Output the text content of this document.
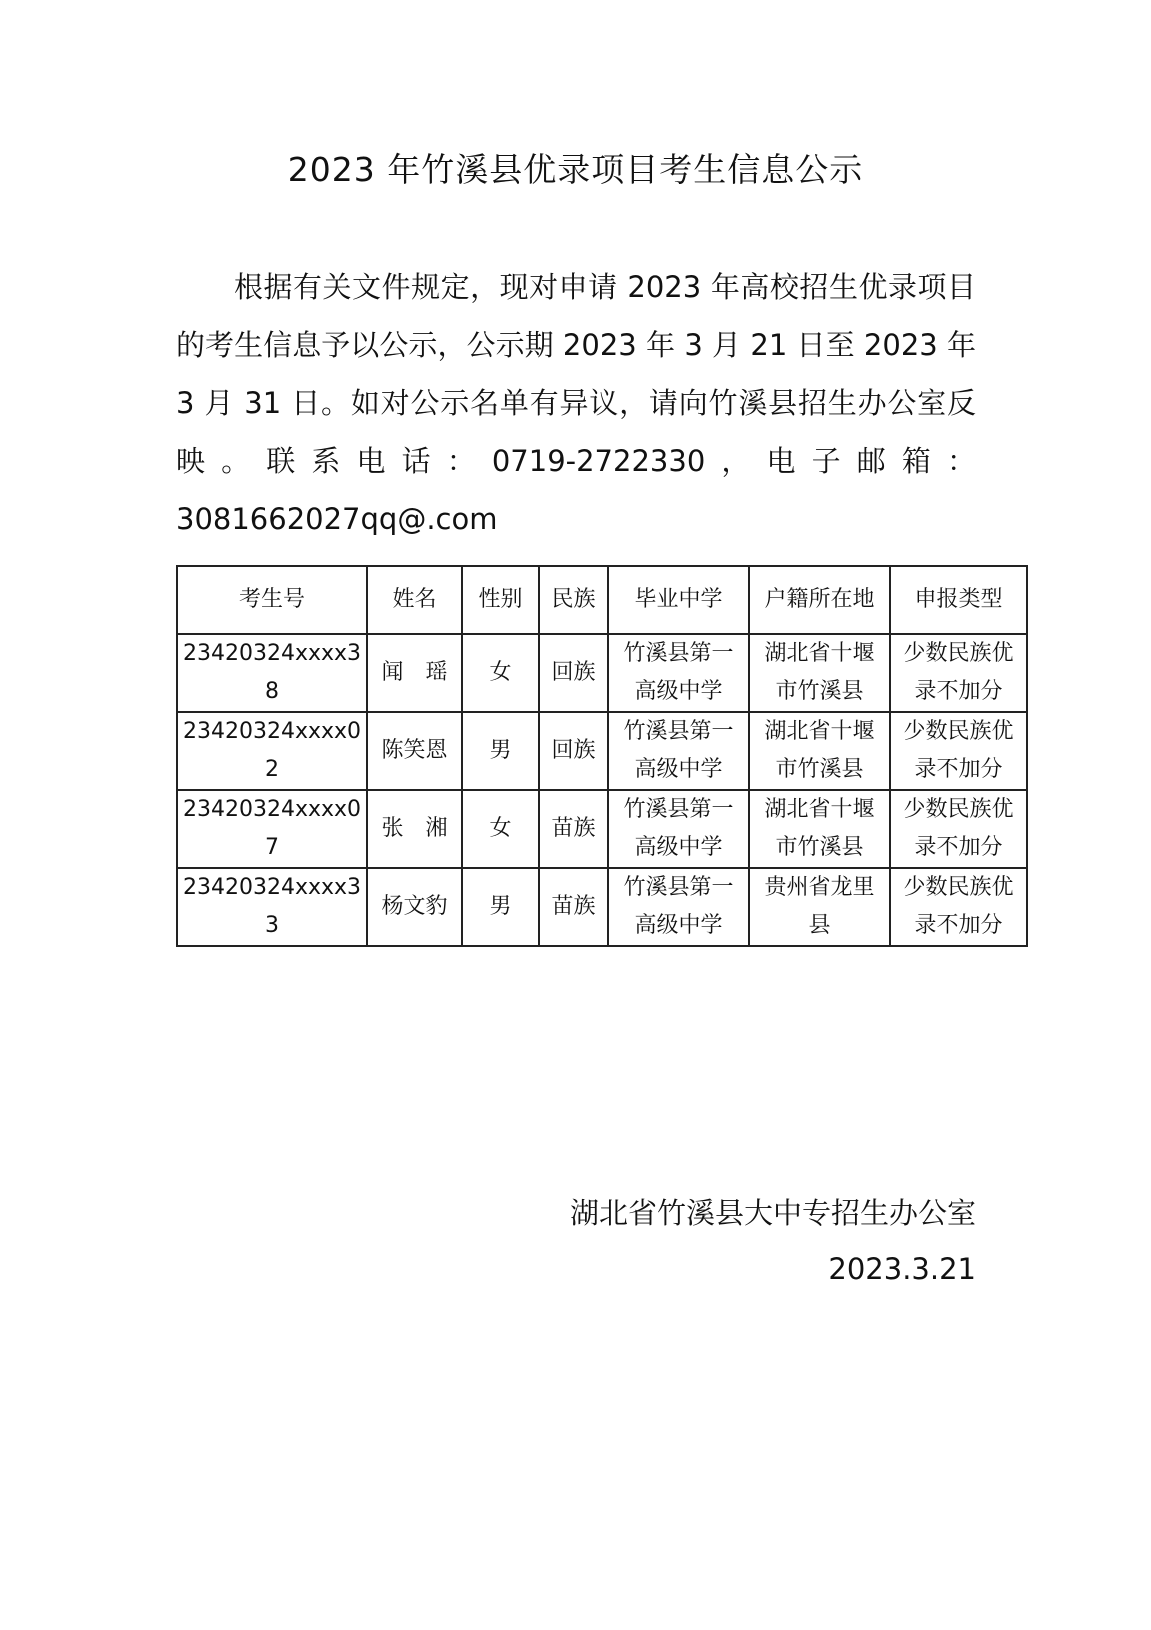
2023 年竹溪县优录项目考生信息公示

根据有关文件规定，现对申请 2023 年高校招生优录项目的考生信息予以公示，公示期 2023 年 3 月 21 日至 2023 年 3 月 31 日。如对公示名单有异议，请向竹溪县招生办公室反映。联系电话：0719-2722330，电子邮箱：3081662027qq@.com

考生号	姓名	性别	民族	毕业中学	户籍所在地	申报类型
23420324xxxx38	闻　瑶	女	回族	竹溪县第一高级中学	湖北省十堰市竹溪县	少数民族优录不加分
23420324xxxx02	陈笑恩	男	回族	竹溪县第一高级中学	湖北省十堰市竹溪县	少数民族优录不加分
23420324xxxx07	张　湘	女	苗族	竹溪县第一高级中学	湖北省十堰市竹溪县	少数民族优录不加分
23420324xxxx33	杨文豹	男	苗族	竹溪县第一高级中学	贵州省龙里县	少数民族优录不加分
湖北省竹溪县大中专招生办公室
2023.3.21
